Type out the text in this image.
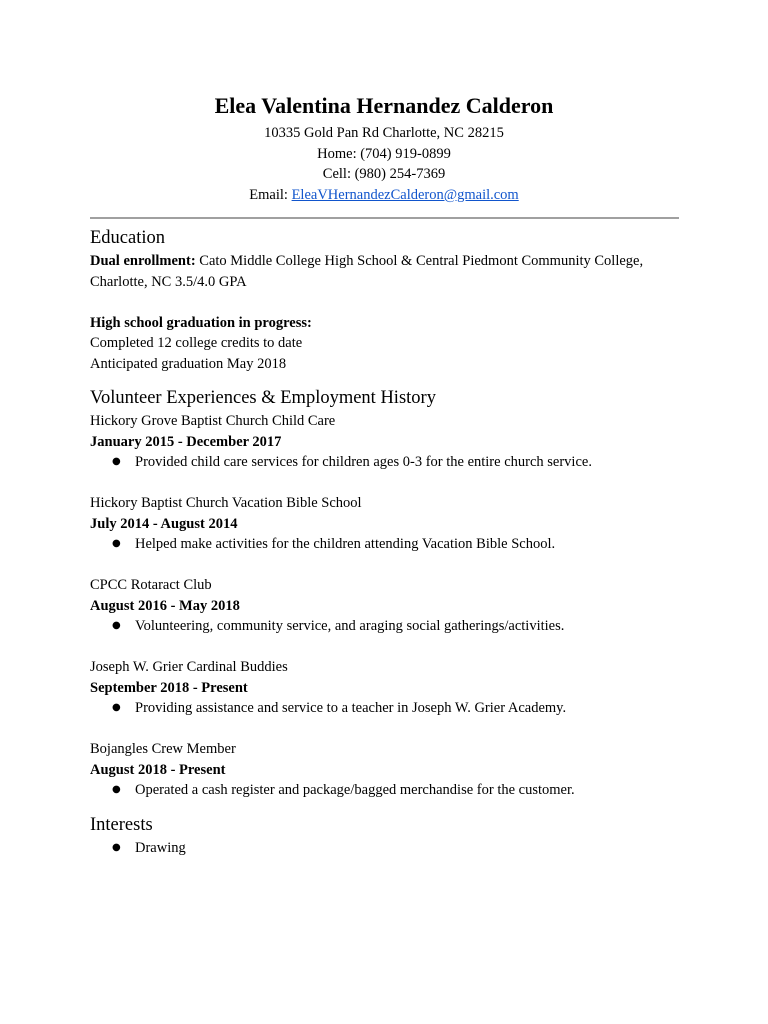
Elea Valentina Hernandez Calderon
10335 Gold Pan Rd Charlotte, NC 28215
Home: (704) 919-0899
Cell: (980) 254-7369
Email: EleaVHernandezCalderon@gmail.com
Education

Dual enrollment: Cato Middle College High School & Central Piedmont Community College,

Charlotte, NC 3.5/4.0 GPA

High school graduation in progress:

Completed 12 college credits to date

Anticipated graduation May 2018

Volunteer Experiences & Employment History

Hickory Grove Baptist Church Child Care

January 2015 - December 2017

● Provided child care services for children ages 0-3 for the entire church service.

Hickory Baptist Church Vacation Bible School

July 2014 - August 2014

● Helped make activities for the children attending Vacation Bible School.

CPCC Rotaract Club

August 2016 - May 2018

● Volunteering, community service, and araging social gatherings/activities.

Joseph W. Grier Cardinal Buddies

September 2018 - Present

● Providing assistance and service to a teacher in Joseph W. Grier Academy.

Bojangles Crew Member

August 2018 - Present

● Operated a cash register and package/bagged merchandise for the customer.
Interests
● Drawing
